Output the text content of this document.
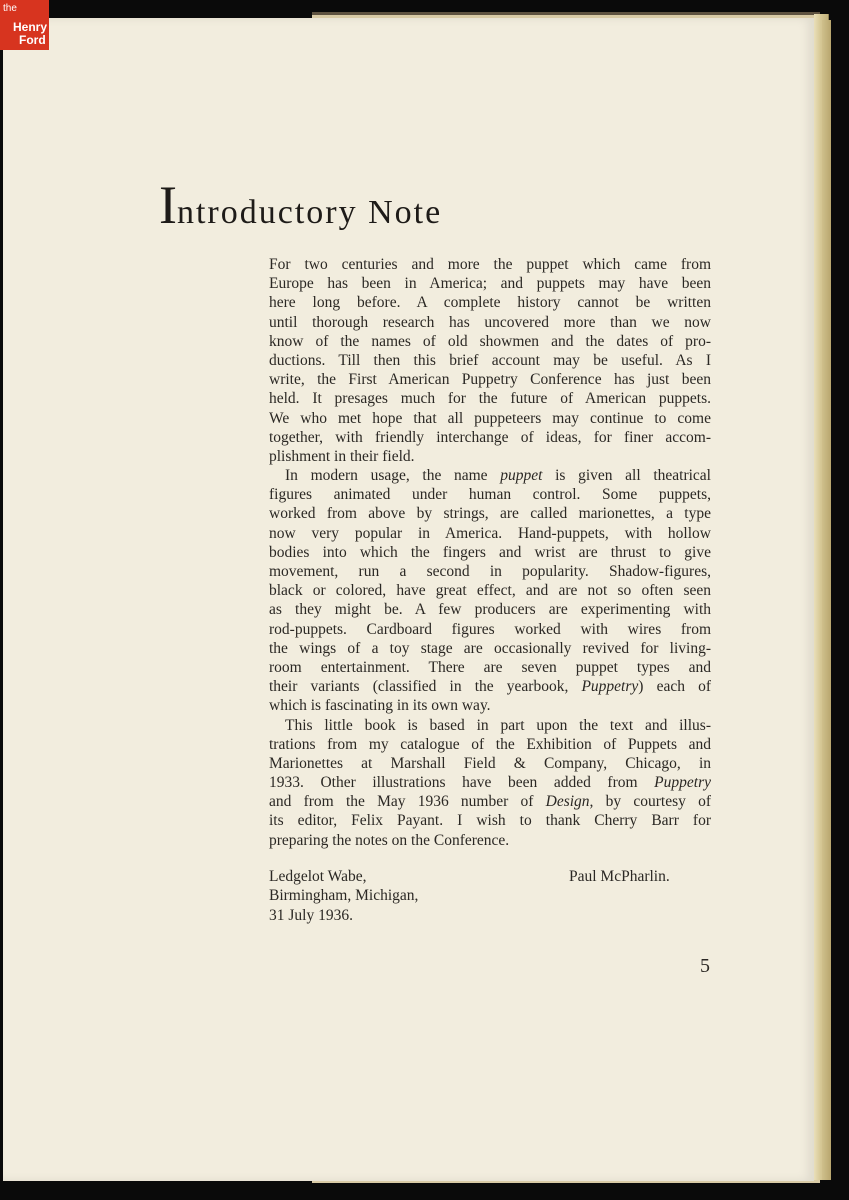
the
Henry
Ford
Introductory Note
For two centuries and more the puppet which came from
Europe has been in America; and puppets may have been
here long before. A complete history cannot be written
until thorough research has uncovered more than we now
know of the names of old showmen and the dates of pro-
ductions. Till then this brief account may be useful. As I
write, the First American Puppetry Conference has just been
held. It presages much for the future of American puppets.
We who met hope that all puppeteers may continue to come
together, with friendly interchange of ideas, for finer accom-
plishment in their field.
In modern usage, the name puppet is given all theatrical
figures animated under human control. Some puppets,
worked from above by strings, are called marionettes, a type
now very popular in America. Hand-puppets, with hollow
bodies into which the fingers and wrist are thrust to give
movement, run a second in popularity. Shadow-figures,
black or colored, have great effect, and are not so often seen
as they might be. A few producers are experimenting with
rod-puppets. Cardboard figures worked with wires from
the wings of a toy stage are occasionally revived for living-
room entertainment. There are seven puppet types and
their variants (classified in the yearbook, Puppetry) each of
which is fascinating in its own way.
This little book is based in part upon the text and illus-
trations from my catalogue of the Exhibition of Puppets and
Marionettes at Marshall Field & Company, Chicago, in
1933. Other illustrations have been added from Puppetry
and from the May 1936 number of Design, by courtesy of
its editor, Felix Payant. I wish to thank Cherry Barr for
preparing the notes on the Conference.
Ledgelot Wabe,
Birmingham, Michigan,
31 July 1936.
Paul McPharlin.
5
